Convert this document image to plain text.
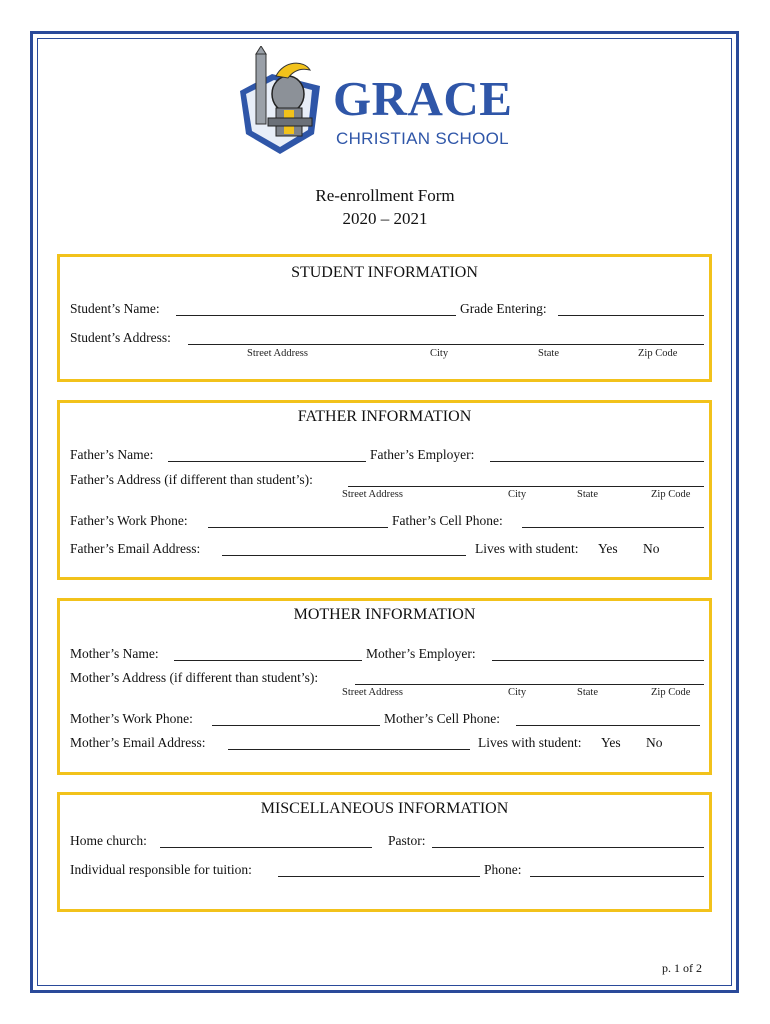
GRACE
CHRISTIAN SCHOOL
Re-enrollment Form
2020 – 2021
STUDENT INFORMATION
Student’s Name:	Grade Entering:
Student’s Address:
Street Address	City	State	Zip Code
FATHER INFORMATION
Father’s Name:	Father’s Employer:
Father’s Address (if different than student’s):
Street Address	City	State	Zip Code
Father’s Work Phone:	Father’s Cell Phone:
Father’s Email Address:	Lives with student: Yes No
MOTHER INFORMATION
Mother’s Name:	Mother’s Employer:
Mother’s Address (if different than student’s):
Street Address	City	State	Zip Code
Mother’s Work Phone:	Mother’s Cell Phone:
Mother’s Email Address:	Lives with student: Yes No
MISCELLANEOUS INFORMATION
Home church:	Pastor:
Individual responsible for tuition:	Phone:
p. 1 of 2
